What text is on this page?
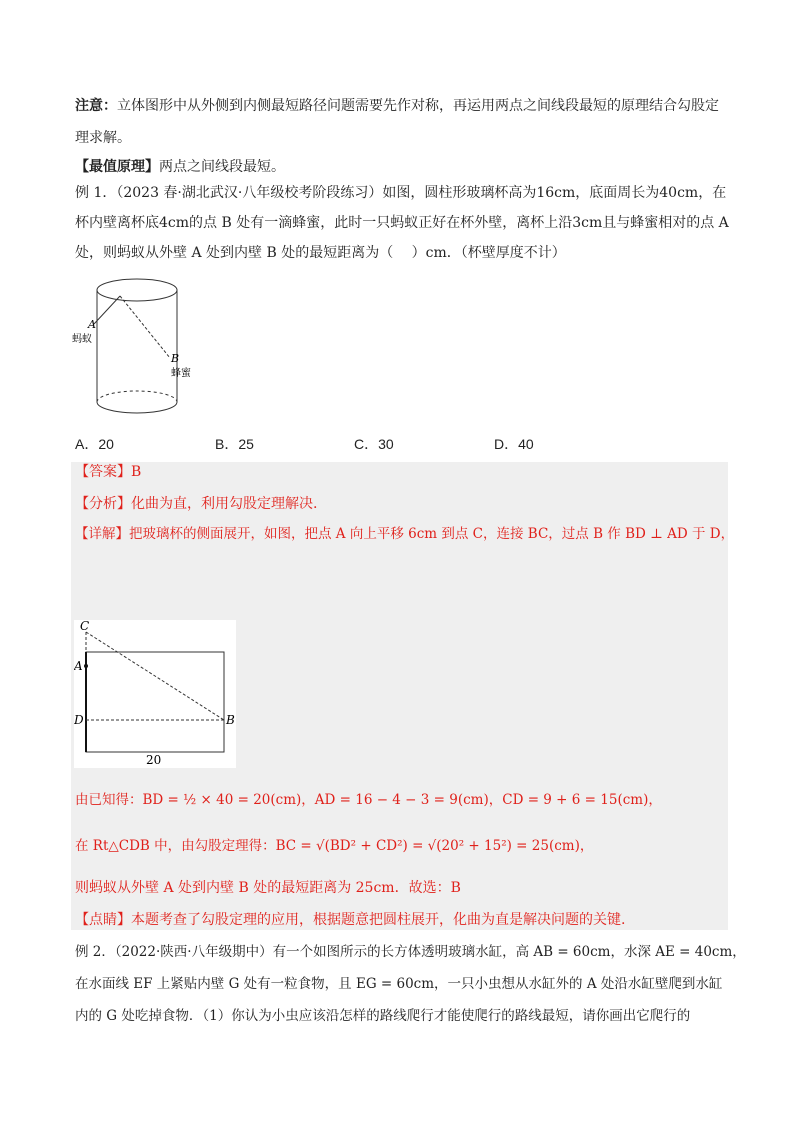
注意：立体图形中从外侧到内侧最短路径问题需要先作对称，再运用两点之间线段最短的原理结合勾股定
理求解。
【最值原理】两点之间线段最短。
例 1．（2023 春·湖北武汉·八年级校考阶段练习）如图，圆柱形玻璃杯高为16cm，底面周长为40cm，在
杯内壁离杯底4cm的点 B 处有一滴蜂蜜，此时一只蚂蚁正好在杯外壁，离杯上沿3cm且与蜂蜜相对的点 A
处，则蚂蚁从外壁 A 处到内壁 B 处的最短距离为（　 ）cm．（杯壁厚度不计）
A
蚂蚁
B
蜂蜜
A．20	B．25	C．30	D．40
【答案】B
【分析】化曲为直，利用勾股定理解决.
【详解】把玻璃杯的侧面展开，如图，把点 A 向上平移 6cm 到点 C，连接 BC，过点 B 作 BD ⊥ AD 于 D，
C
A
D	B
20
由已知得：BD = ½ × 40 = 20(cm)，AD = 16 − 4 − 3 = 9(cm)，CD = 9 + 6 = 15(cm)，
在 Rt△CDB 中，由勾股定理得：BC = √(BD² + CD²) = √(20² + 15²) = 25(cm)，
则蚂蚁从外壁 A 处到内壁 B 处的最短距离为 25cm．故选：B
【点睛】本题考查了勾股定理的应用，根据题意把圆柱展开，化曲为直是解决问题的关键.
例 2．（2022·陕西·八年级期中）有一个如图所示的长方体透明玻璃水缸，高 AB = 60cm，水深 AE = 40cm，
在水面线 EF 上紧贴内壁 G 处有一粒食物，且 EG = 60cm，一只小虫想从水缸外的 A 处沿水缸壁爬到水缸
内的 G 处吃掉食物．（1）你认为小虫应该沿怎样的路线爬行才能使爬行的路线最短，请你画出它爬行的
